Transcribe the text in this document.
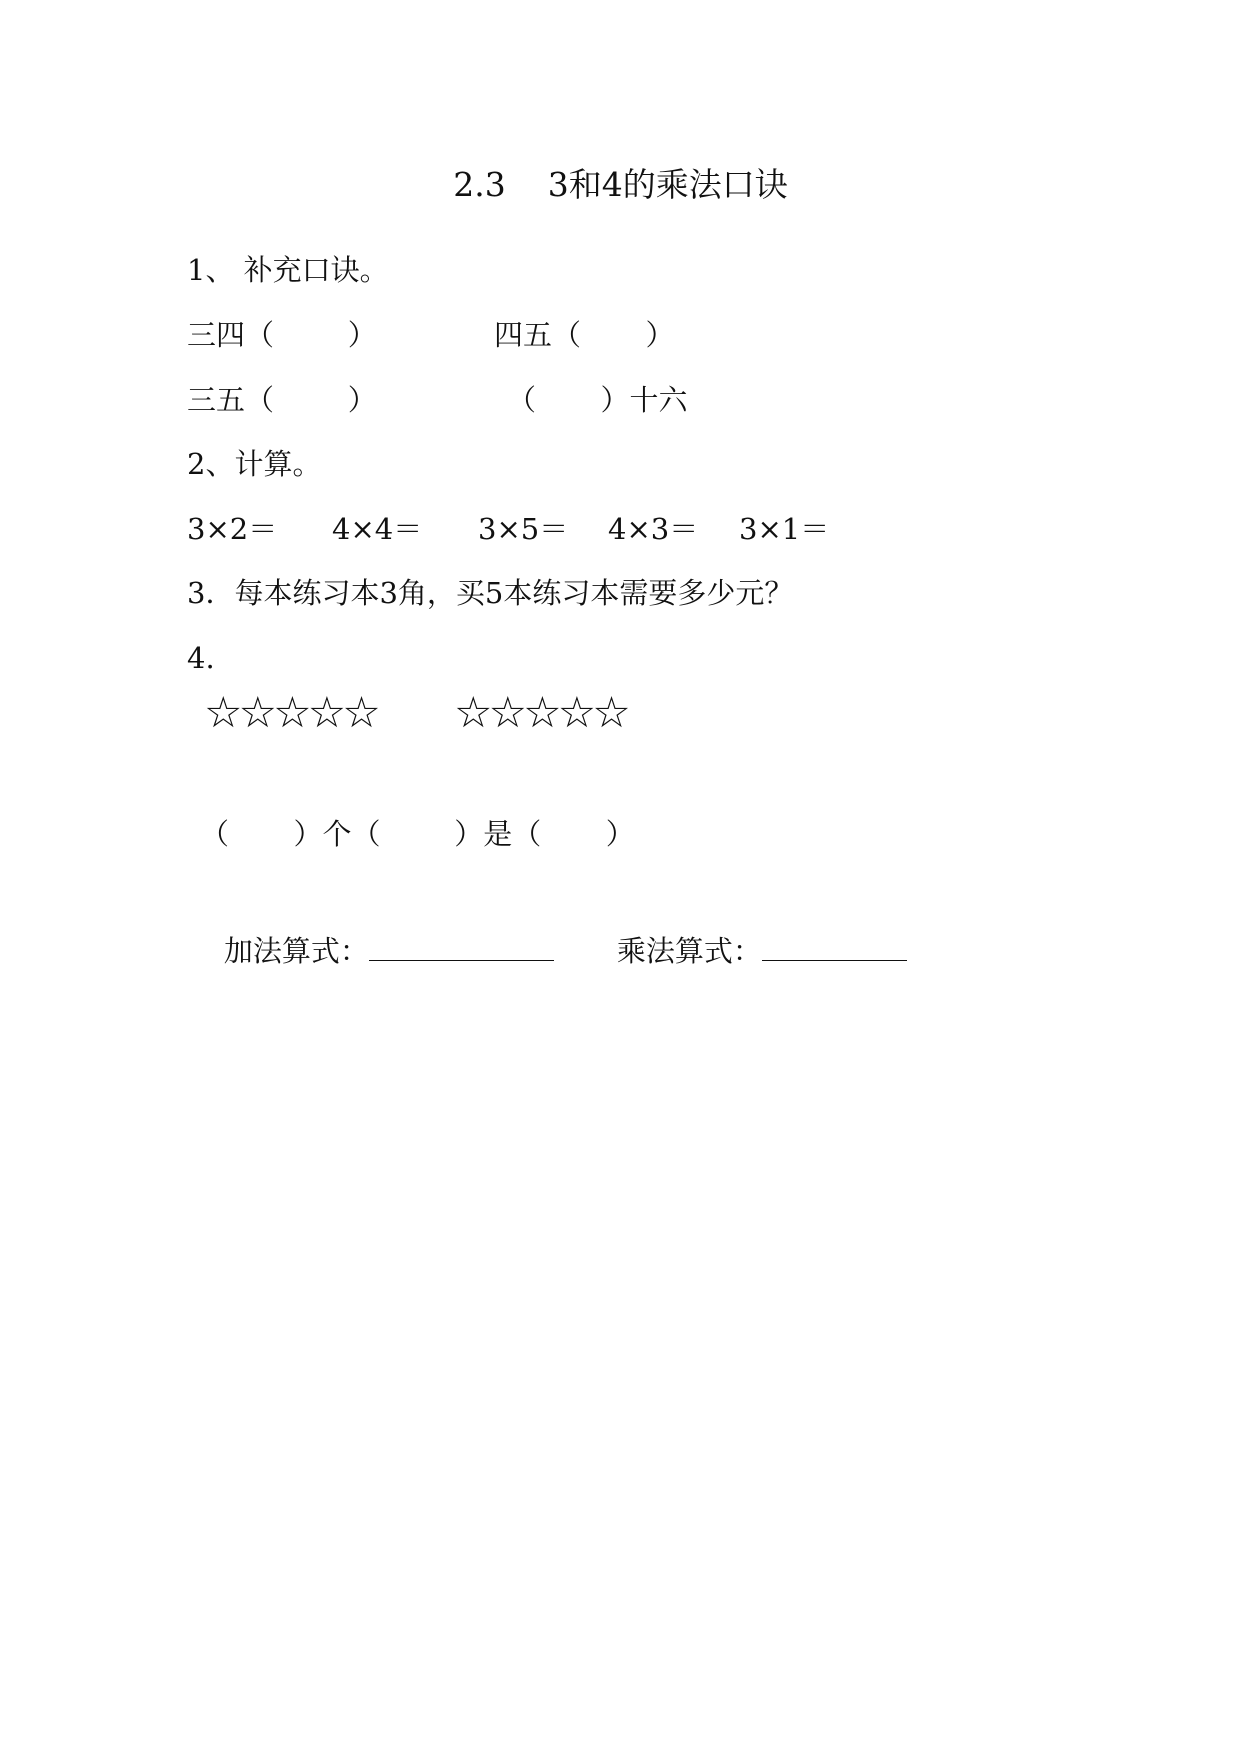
2.3    3和4的乘法口诀
1、 补充口诀。
三四（        ）	四五（       ）
三五（        ）	（       ）十六
2、计算。
3×2＝ 4×4＝ 3×5＝ 4×3＝ 3×1＝
3．每本练习本3角，买5本练习本需要多少元？
4.
☆☆☆☆☆ ☆☆☆☆☆
（       ）个（        ）是（       ）

加法算式：
	乘法算式：
